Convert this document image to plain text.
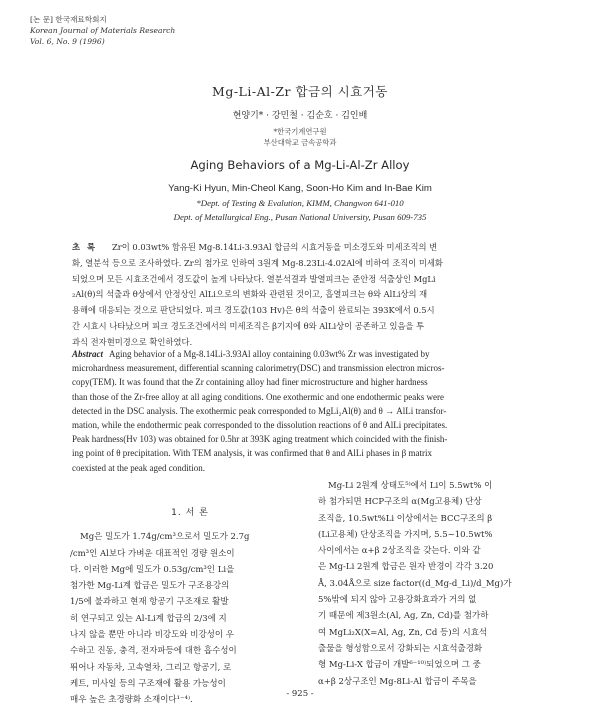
[논 문] 한국재료학회지
Korean Journal of Materials Research
Vol. 6, No. 9 (1996)
Mg-Li-Al-Zr 합금의 시효거동
현양기* · 강민철 · 김순호 · 김인배
*한국기계연구원
부산대학교 금속공학과
Aging Behaviors of a Mg-Li-Al-Zr Alloy
Yang-Ki Hyun, Min-Cheol Kang, Soon-Ho Kim and In-Bae Kim
*Dept. of Testing & Evalution, KIMM, Changwon 641-010
Dept. of Metallurgical Eng., Pusan National University, Pusan 609-735
초록 Zr이 0.03wt% 함유된 Mg-8.14Li-3.93Al 합금의 시효거동을 미소경도와 미세조직의 변
화, 열분석 등으로 조사하였다. Zr의 첨가로 인하여 3원계 Mg-8.23Li-4.02Al에 비하여 조직이 미세화
되었으며 모든 시효조건에서 경도값이 높게 나타났다. 열분석결과 발열피크는 준안정 석출상인 MgLi
₂Al(θ)의 석출과 θ상에서 안정상인 AlLi으로의 변화와 관련된 것이고, 흡열피크는 θ와 AlLi상의 재
용해에 대응되는 것으로 판단되었다. 피크 경도값(103 Hv)은 θ의 석출이 완료되는 393K에서 0.5시
간 시효시 나타났으며 피크 경도조건에서의 미세조직은 β기지에 θ와 AlLi상이 공존하고 있음을 투
과식 전자현미경으로 확인하였다.
Abstract Aging behavior of a Mg-8.14Li-3.93Al alloy containing 0.03wt% Zr was investigated by
microhardness measurement, differential scanning calorimetry(DSC) and transmission electron micros-
copy(TEM). It was found that the Zr containing alloy had finer microstructure and higher hardness
than those of the Zr-free alloy at all aging conditions. One exothermic and one endothermic peaks were
detected in the DSC analysis. The exothermic peak corresponded to MgLi₂Al(θ) and θ → AlLi transfor-
mation, while the endothermic peak corresponded to the dissolution reactions of θ and AlLi precipitates.
Peak hardness(Hv 103) was obtained for 0.5hr at 393K aging treatment which coincided with the finish-
ing point of θ precipitation. With TEM analysis, it was confirmed that θ and AlLi phases in β matrix
coexisted at the peak aged condition.
1. 서 론
Mg은 밀도가 1.74g/cm³으로서 밀도가 2.7g
/cm³인 Al보다 가벼운 대표적인 경량 원소이
다. 이러한 Mg에 밀도가 0.53g/cm³인 Li을
첨가한 Mg-Li계 합금은 밀도가 구조용강의
1/5에 불과하고 현재 항공기 구조재로 활발
히 연구되고 있는 Al-Li계 합금의 2/3에 지
나지 않을 뿐만 아니라 비강도와 비강성이 우
수하고 진동, 충격, 전자파등에 대한 흡수성이
뛰어나 자동차, 고속열차, 그리고 항공기, 로
케트, 미사일 등의 구조재에 활용 가능성이
매우 높은 초경량화 소재이다¹⁻⁴⁾.
Mg-Li 2원계 상태도⁵⁾에서 Li이 5.5wt% 이
하 첨가되면 HCP구조의 α(Mg고용체) 단상
조직을, 10.5wt%Li 이상에서는 BCC구조의 β
(Li고용체) 단상조직을 가지며, 5.5~10.5wt%
사이에서는 α+β 2상조직을 갖는다. 이와 같
은 Mg-Li 2원계 합금은 원자 반경이 각각 3.20
Å, 3.04Å으로 size factor((d_Mg-d_Li)/d_Mg)가
5%밖에 되지 않아 고용강화효과가 거의 없
기 때문에 제3원소(Al, Ag, Zn, Cd)를 첨가하
여 MgLi₂X(X=Al, Ag, Zn, Cd 등)의 시효석
출물을 형성함으로서 강화되는 시효석출경화
형 Mg-Li-X 합금이 개발⁶⁻¹⁰⁾되었으며 그 중
α+β 2상구조인 Mg-8Li-Al 합금이 주목을
- 925 -
